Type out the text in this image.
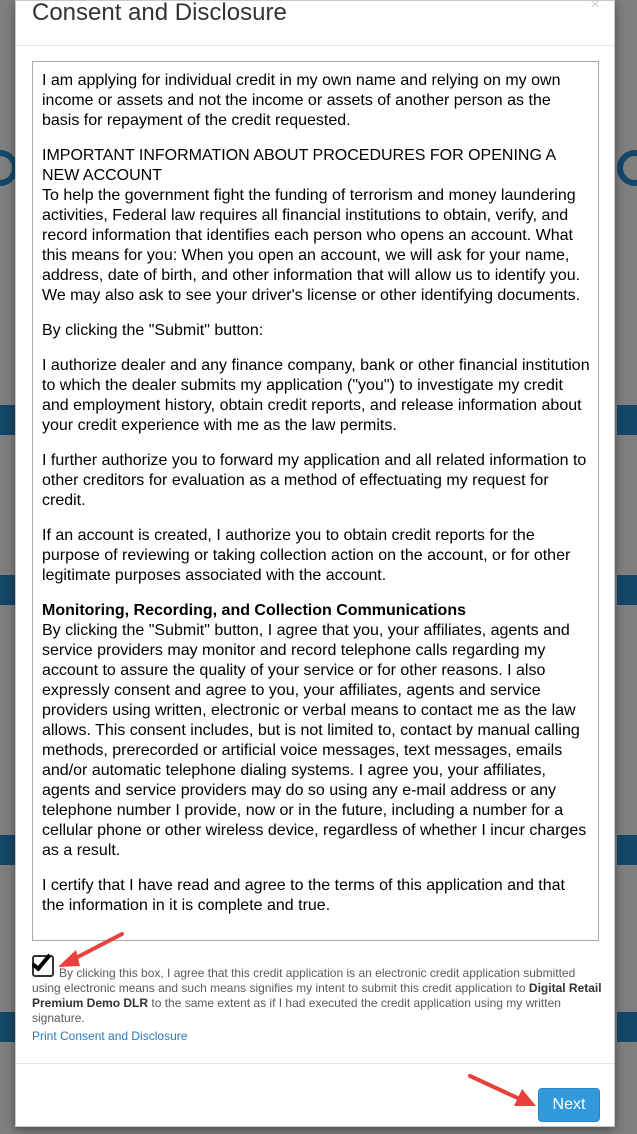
Consent and Disclosure	×

I am applying for individual credit in my own name and relying on my own income or assets and not the income or assets of another person as the basis for repayment of the credit requested.

IMPORTANT INFORMATION ABOUT PROCEDURES FOR OPENING A NEW ACCOUNT
To help the government fight the funding of terrorism and money laundering activities, Federal law requires all financial institutions to obtain, verify, and record information that identifies each person who opens an account. What this means for you: When you open an account, we will ask for your name, address, date of birth, and other information that will allow us to identify you. We may also ask to see your driver's license or other identifying documents.

By clicking the "Submit" button:

I authorize dealer and any finance company, bank or other financial institution to which the dealer submits my application ("you") to investigate my credit and employment history, obtain credit reports, and release information about your credit experience with me as the law permits.

I further authorize you to forward my application and all related information to other creditors for evaluation as a method of effectuating my request for credit.

If an account is created, I authorize you to obtain credit reports for the purpose of reviewing or taking collection action on the account, or for other legitimate purposes associated with the account.

Monitoring, Recording, and Collection Communications
By clicking the "Submit" button, I agree that you, your affiliates, agents and service providers may monitor and record telephone calls regarding my account to assure the quality of your service or for other reasons. I also expressly consent and agree to you, your affiliates, agents and service providers using written, electronic or verbal means to contact me as the law allows. This consent includes, but is not limited to, contact by manual calling methods, prerecorded or artificial voice messages, text messages, emails and/or automatic telephone dialing systems. I agree you, your affiliates, agents and service providers may do so using any e-mail address or any telephone number I provide, now or in the future, including a number for a cellular phone or other wireless device, regardless of whether I incur charges as a result.

I certify that I have read and agree to the terms of this application and that the information in it is complete and true.

By clicking this box, I agree that this credit application is an electronic credit application submitted using electronic means and such means signifies my intent to submit this credit application to Digital Retail Premium Demo DLR to the same extent as if I had executed the credit application using my written signature.

Print Consent and Disclosure
Next
